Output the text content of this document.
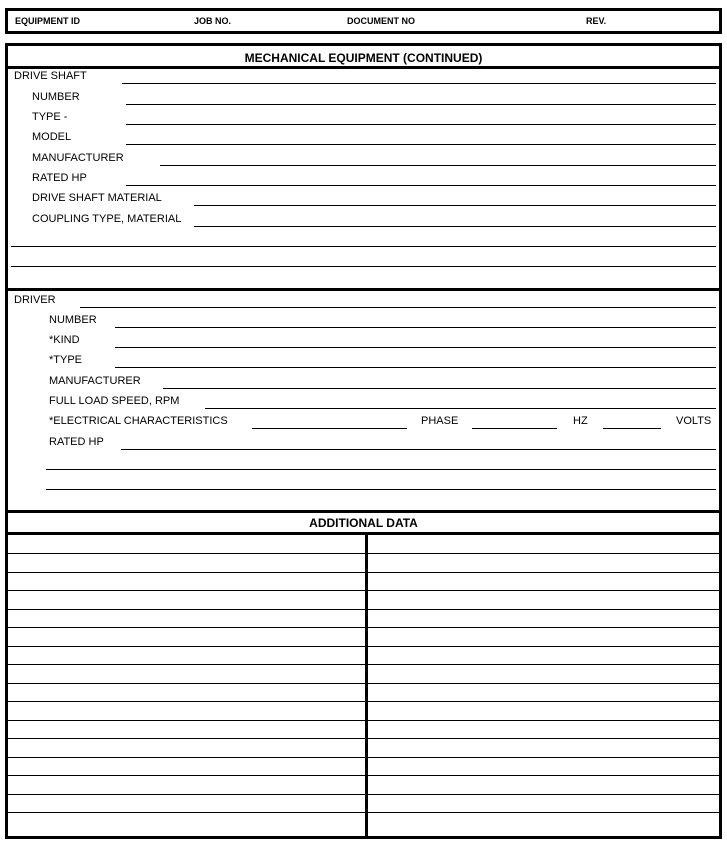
EQUIPMENT ID	JOB NO.	DOCUMENT NO	REV.
MECHANICAL EQUIPMENT (CONTINUED)
DRIVE SHAFT
NUMBER
TYPE -
MODEL
MANUFACTURER
RATED HP
DRIVE SHAFT MATERIAL
COUPLING TYPE, MATERIAL
DRIVER
NUMBER
*KIND
*TYPE
MANUFACTURER
FULL LOAD SPEED, RPM
*ELECTRICAL CHARACTERISTICS	PHASE	HZ	VOLTS
RATED HP
ADDITIONAL DATA
